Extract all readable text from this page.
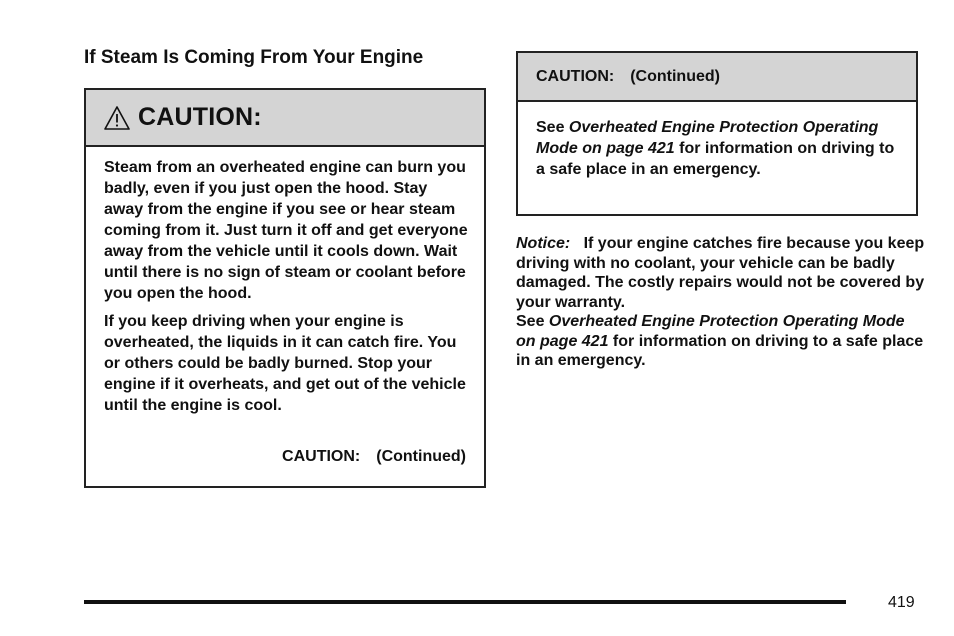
If Steam Is Coming From Your Engine
CAUTION:

Steam from an overheated engine can burn you badly, even if you just open the hood. Stay away from the engine if you see or hear steam coming from it. Just turn it off and get everyone away from the vehicle until it cools down. Wait until there is no sign of steam or coolant before you open the hood.

If you keep driving when your engine is overheated, the liquids in it can catch fire. You or others could be badly burned. Stop your engine if it overheats, and get out of the vehicle until the engine is cool.

CAUTION: (Continued)
CAUTION: (Continued)

See Overheated Engine Protection Operating Mode on page 421 for information on driving to a safe place in an emergency.

Notice: If your engine catches fire because you keep driving with no coolant, your vehicle can be badly damaged. The costly repairs would not be covered by your warranty.

See Overheated Engine Protection Operating Mode on page 421 for information on driving to a safe place in an emergency.

419
